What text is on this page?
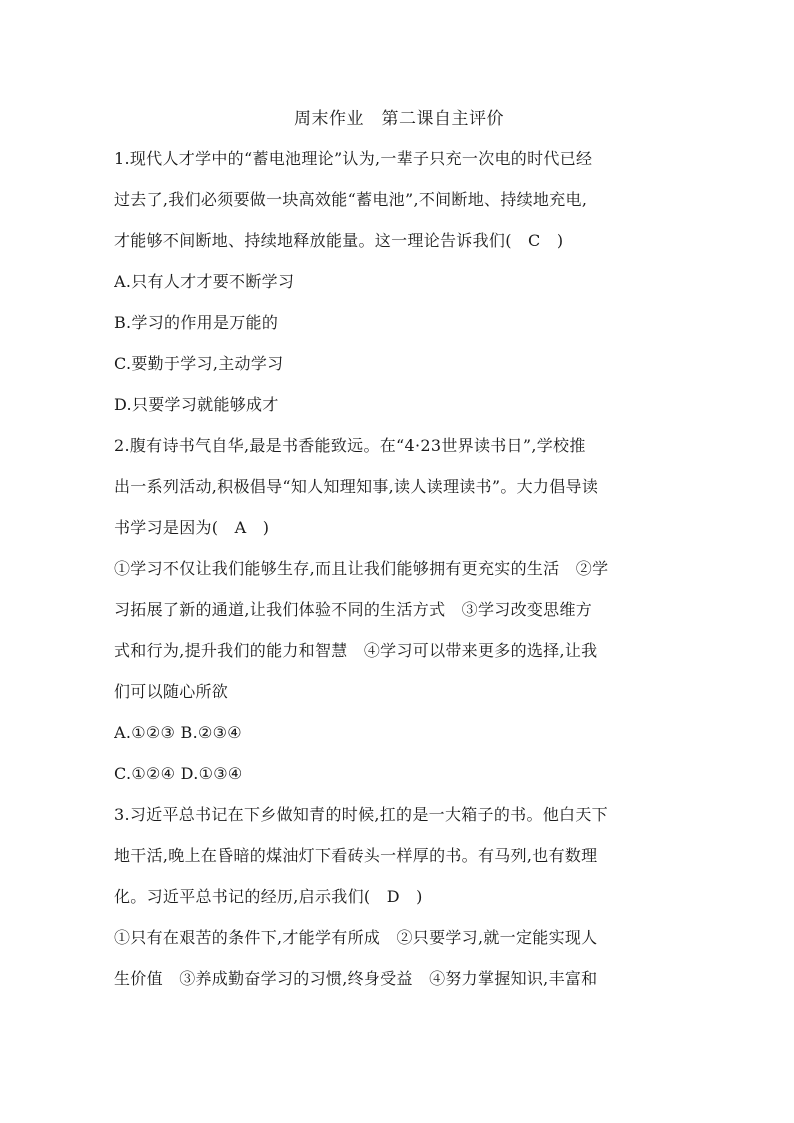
周末作业　第二课自主评价
1.现代人才学中的“蓄电池理论”认为,一辈子只充一次电的时代已经
过去了,我们必须要做一块高效能“蓄电池”,不间断地、持续地充电,
才能够不间断地、持续地释放能量。这一理论告诉我们(　C　)
A.只有人才才要不断学习
B.学习的作用是万能的
C.要勤于学习,主动学习
D.只要学习就能够成才
2.腹有诗书气自华,最是书香能致远。在“4·23世界读书日”,学校推
出一系列活动,积极倡导“知人知理知事,读人读理读书”。大力倡导读
书学习是因为(　A　)
①学习不仅让我们能够生存,而且让我们能够拥有更充实的生活　②学
习拓展了新的通道,让我们体验不同的生活方式　③学习改变思维方
式和行为,提升我们的能力和智慧　④学习可以带来更多的选择,让我
们可以随心所欲
A.①②③ B.②③④
C.①②④ D.①③④
3.习近平总书记在下乡做知青的时候,扛的是一大箱子的书。他白天下
地干活,晚上在昏暗的煤油灯下看砖头一样厚的书。有马列,也有数理
化。习近平总书记的经历,启示我们(　D　)
①只有在艰苦的条件下,才能学有所成　②只要学习,就一定能实现人
生价值　③养成勤奋学习的习惯,终身受益　④努力掌握知识,丰富和
